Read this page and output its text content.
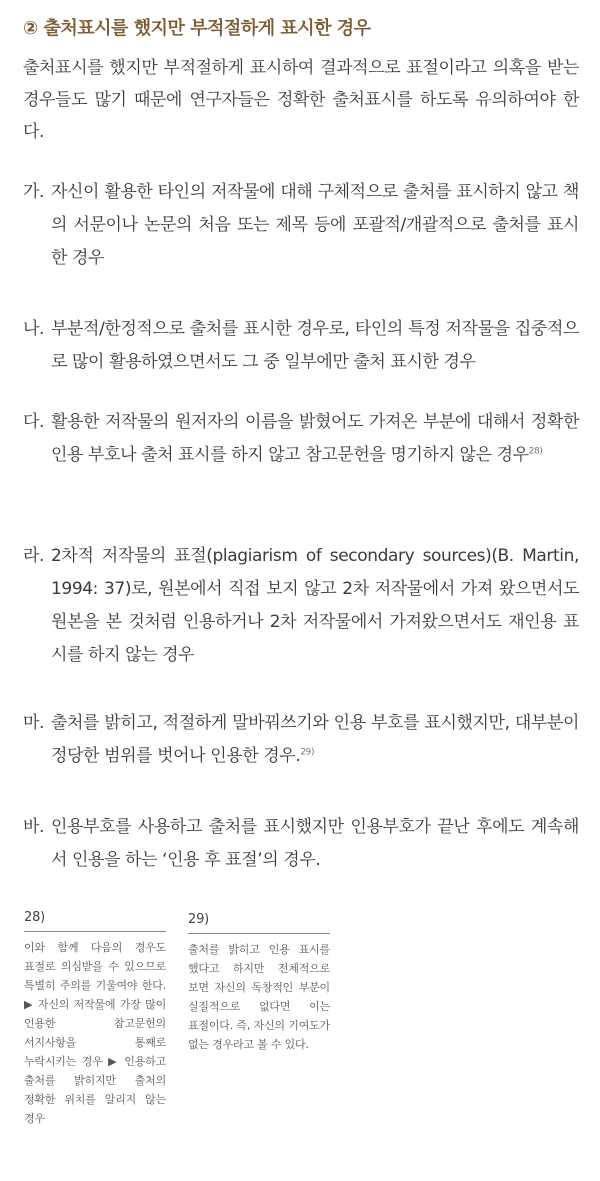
② 출처표시를 했지만 부적절하게 표시한 경우
출처표시를 했지만 부적절하게 표시하여 결과적으로 표절이라고 의혹을 받는 경우들도 많기 때문에 연구자들은 정확한 출처표시를 하도록 유의하여야 한다.
가. 자신이 활용한 타인의 저작물에 대해 구체적으로 출처를 표시하지 않고 책의 서문이나 논문의 처음 또는 제목 등에 포괄적/개괄적으로 출처를 표시한 경우
나. 부분적/한정적으로 출처를 표시한 경우로, 타인의 특정 저작물을 집중적으로 많이 활용하였으면서도 그 중 일부에만 출처 표시한 경우
다. 활용한 저작물의 원저자의 이름을 밝혔어도 가져온 부분에 대해서 정확한 인용 부호나 출처 표시를 하지 않고 참고문헌을 명기하지 않은 경우$^{28)}$
라. 2차적 저작물의 표절(plagiarism of secondary sources)(B. Martin, 1994: 37)로, 원본에서 직접 보지 않고 2차 저작물에서 가져 왔으면서도 원본을 본 것처럼 인용하거나 2차 저작물에서 가져왔으면서도 재인용 표시를 하지 않는 경우
마. 출처를 밝히고, 적절하게 말바꿔쓰기와 인용 부호를 표시했지만, 대부분이 정당한 범위를 벗어나 인용한 경우.$^{29)}$
바. 인용부호를 사용하고 출처를 표시했지만 인용부호가 끝난 후에도 계속해서 인용을 하는 ‘인용 후 표절’의 경우.
28)
이와 함께 다음의 경우도 표절로 의심받을 수 있으므로 특별히 주의를 기울여야 한다. ▶ 자신의 저작물에 가장 많이 인용한 참고문헌의 서지사항을 통째로 누락시키는 경우 ▶ 인용하고 출처를 밝히지만 출처의 정확한 위치를 알리지 않는 경우
29)
출처를 밝히고 인용 표시를 했다고 하지만 전체적으로 보면 자신의 독창적인 부분이 실질적으로 없다면 이는 표절이다. 즉, 자신의 기여도가 없는 경우라고 볼 수 있다.
